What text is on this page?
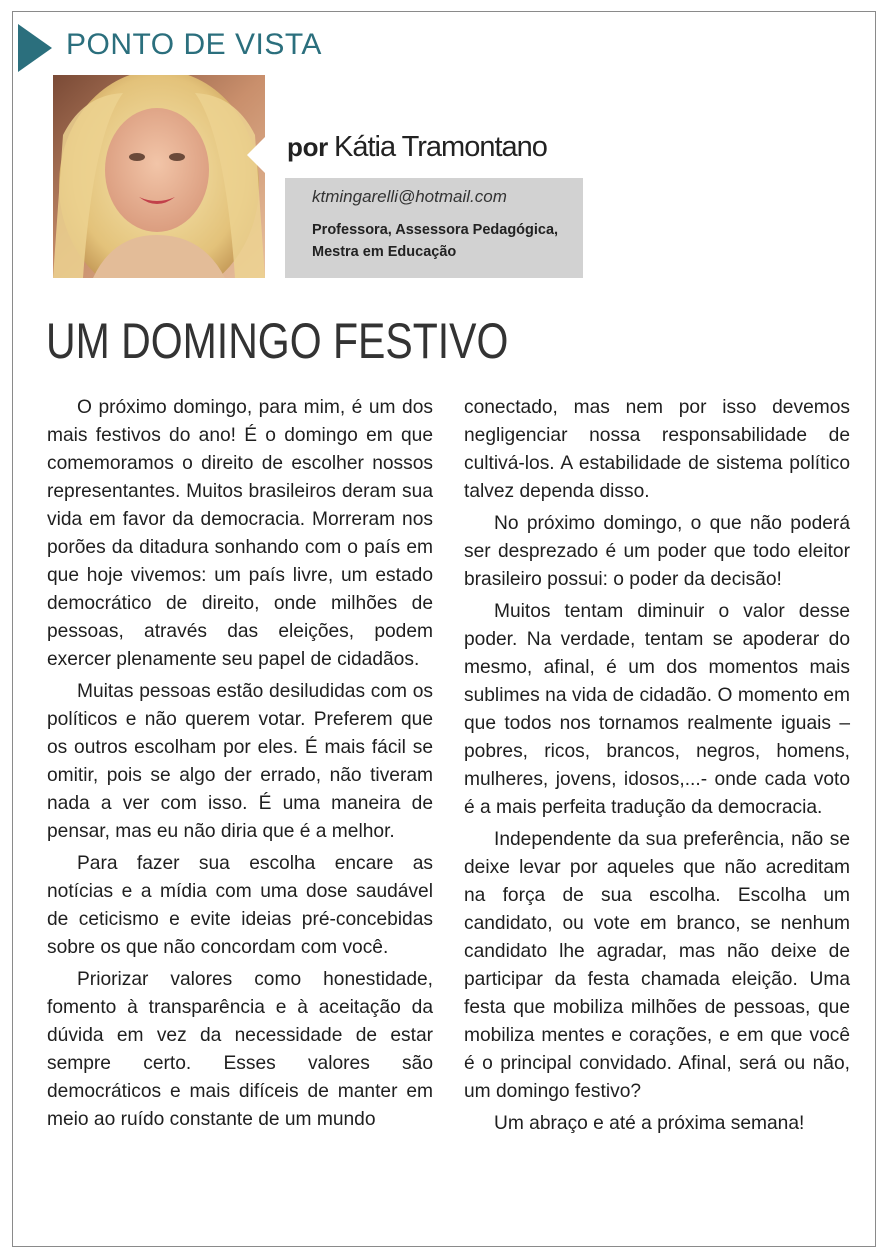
PONTO DE VISTA
por Kátia Tramontano
ktmingarelli@hotmail.com
Professora, Assessora Pedagógica, Mestra em Educação
UM DOMINGO FESTIVO

O próximo domingo, para mim, é um dos mais festivos do ano! É o domingo em que comemoramos o direito de escolher nossos representantes. Muitos brasileiros deram sua vida em favor da democracia. Morreram nos porões da ditadura sonhando com o país em que hoje vivemos: um país livre, um estado democrático de direito, onde milhões de pessoas, através das eleições, podem exercer plenamente seu papel de cidadãos.

Muitas pessoas estão desiludidas com os políticos e não querem votar. Preferem que os outros escolham por eles. É mais fácil se omitir, pois se algo der errado, não tiveram nada a ver com isso. É uma maneira de pensar, mas eu não diria que é a melhor.

Para fazer sua escolha encare as notícias e a mídia com uma dose saudável de ceticismo e evite ideias pré-concebidas sobre os que não concordam com você.

Priorizar valores como honestidade, fomento à transparência e à aceitação da dúvida em vez da necessidade de estar sempre certo. Esses valores são democráticos e mais difíceis de manter em meio ao ruído constante de um mundo

conectado, mas nem por isso devemos negligenciar nossa responsabilidade de cultivá-los. A estabilidade de sistema político talvez dependa disso.

No próximo domingo, o que não poderá ser desprezado é um poder que todo eleitor brasileiro possui: o poder da decisão!

Muitos tentam diminuir o valor desse poder. Na verdade, tentam se apoderar do mesmo, afinal, é um dos momentos mais sublimes na vida de cidadão. O momento em que todos nos tornamos realmente iguais – pobres, ricos, brancos, negros, homens, mulheres, jovens, idosos,...- onde cada voto é a mais perfeita tradução da democracia.

Independente da sua preferência, não se deixe levar por aqueles que não acreditam na força de sua escolha. Escolha um candidato, ou vote em branco, se nenhum candidato lhe agradar, mas não deixe de participar da festa chamada eleição. Uma festa que mobiliza milhões de pessoas, que mobiliza mentes e corações, e em que você é o principal convidado. Afinal, será ou não, um domingo festivo?

Um abraço e até a próxima semana!
